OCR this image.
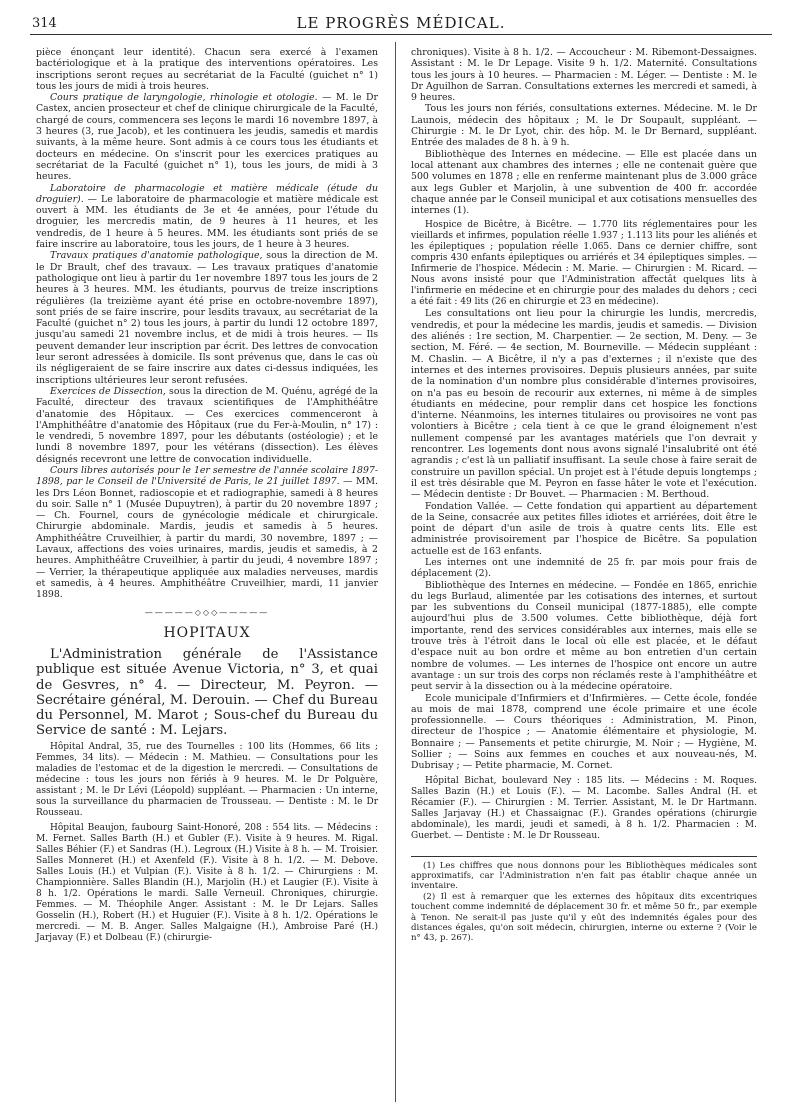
314	LE PROGRÈS MÉDICAL.

pièce énonçant leur identité). Chacun sera exercé à l'examen bactériologique et à la pratique des interventions opératoires. Les inscriptions seront reçues au secrétariat de la Faculté (guichet n° 1) tous les jours de midi à trois heures.

Cours pratique de laryngologie, rhinologie et otologie. — M. le Dr Castex, ancien prosecteur et chef de clinique chirurgicale de la Faculté, chargé de cours, commencera ses leçons le mardi 16 novembre 1897, à 3 heures (3, rue Jacob), et les continuera les jeudis, samedis et mardis suivants, à la même heure. Sont admis à ce cours tous les étudiants et docteurs en médecine. On s'inscrit pour les exercices pratiques au secrétariat de la Faculté (guichet n° 1), tous les jours, de midi à 3 heures.

Laboratoire de pharmacologie et matière médicale (étude du droguier). — Le laboratoire de pharmacologie et matière médicale est ouvert à MM. les étudiants de 3e et 4e années, pour l'étude du droguier, les mercredis matin, de 9 heures à 11 heures, et les vendredis, de 1 heure à 5 heures. MM. les étudiants sont priés de se faire inscrire au laboratoire, tous les jours, de 1 heure à 3 heures.

Travaux pratiques d'anatomie pathologique, sous la direction de M. le Dr Brault, chef des travaux. — Les travaux pratiques d'anatomie pathologique ont lieu à partir du 1er novembre 1897 tous les jours de 2 heures à 3 heures. MM. les étudiants, pourvus de treize inscriptions régulières (la treizième ayant été prise en octobre-novembre 1897), sont priés de se faire inscrire, pour lesdits travaux, au secrétariat de la Faculté (guichet n° 2) tous les jours, à partir du lundi 12 octobre 1897, jusqu'au samedi 21 novembre inclus, et de midi à trois heures. — Ils peuvent demander leur inscription par écrit. Des lettres de convocation leur seront adressées à domicile. Ils sont prévenus que, dans le cas où ils négligeraient de se faire inscrire aux dates ci-dessus indiquées, les inscriptions ultérieures leur seront refusées.

Exercices de Dissection, sous la direction de M. Quénu, agrégé de la Faculté, directeur des travaux scientifiques de l'Amphithéâtre d'anatomie des Hôpitaux. — Ces exercices commenceront à l'Amphithéâtre d'anatomie des Hôpitaux (rue du Fer-à-Moulin, n° 17) : le vendredi, 5 novembre 1897, pour les débutants (ostéologie) ; et le lundi 8 novembre 1897, pour les vétérans (dissection). Les élèves désignés recevront une lettre de convocation individuelle.

Cours libres autorisés pour le 1er semestre de l'année scolaire 1897-1898, par le Conseil de l'Université de Paris, le 21 juillet 1897. — MM. les Drs Léon Bonnet, radioscopie et et radiographie, samedi à 8 heures du soir. Salle n° 1 (Musée Dupuytren), à partir du 20 novembre 1897 ; — Ch. Fournel, cours de gynécologie médicale et chirurgicale. Chirurgie abdominale. Mardis, jeudis et samedis à 5 heures. Amphithéâtre Cruveilhier, à partir du mardi, 30 novembre, 1897 ; — Lavaux, affections des voies urinaires, mardis, jeudis et samedis, à 2 heures. Amphithéâtre Cruveilhier, à partir du jeudi, 4 novembre 1897 ; — Verrier, la thérapeutique appliquée aux maladies nerveuses, mardis et samedis, à 4 heures. Amphithéâtre Cruveilhier, mardi, 11 janvier 1898.

—————◇◇◇—————
HOPITAUX

L'Administration générale de l'Assistance publique est située Avenue Victoria, n° 3, et quai de Gesvres, n° 4. — Directeur, M. Peyron. — Secrétaire général, M. Derouin. — Chef du Bureau du Personnel, M. Marot ; Sous-chef du Bureau du Service de santé : M. Lejars.

Hôpital Andral, 35, rue des Tournelles : 100 lits (Hommes, 66 lits ; Femmes, 34 lits). — Médecin : M. Mathieu. — Consultations pour les maladies de l'estomac et de la digestion le mercredi. — Consultations de médecine : tous les jours non fériés à 9 heures. M. le Dr Polguère, assistant ; M. le Dr Lévi (Léopold) suppléant. — Pharmacien : Un interne, sous la surveillance du pharmacien de Trousseau. — Dentiste : M. le Dr Rousseau.

Hôpital Beaujon, faubourg Saint-Honoré, 208 : 554 lits. — Médecins : M. Fernet. Salles Barth (H.) et Gubler (F.). Visite à 9 heures. M. Rigal. Salles Béhier (F.) et Sandras (H.). Legroux (H.) Visite à 8 h. — M. Troisier. Salles Monneret (H.) et Axenfeld (F.). Visite à 8 h. 1/2. — M. Debove. Salles Louis (H.) et Vulpian (F.). Visite à 8 h. 1/2. — Chirurgiens : M. Championnière. Salles Blandin (H.), Marjolin (H.) et Laugier (F.). Visite à 8 h. 1/2. Opérations le mardi. Salle Verneuil. Chroniques, chirurgie. Femmes. — M. Théophile Anger. Assistant : M. le Dr Lejars. Salles Gosselin (H.), Robert (H.) et Huguier (F.). Visite à 8 h. 1/2. Opérations le mercredi. — M. B. Anger. Salles Malgaigne (H.), Ambroise Paré (H.) Jarjavay (F.) et Dolbeau (F.) (chirurgie-

chroniques). Visite à 8 h. 1/2. — Accoucheur : M. Ribemont-Dessaignes. Assistant : M. le Dr Lepage. Visite 9 h. 1/2. Maternité. Consultations tous les jours à 10 heures. — Pharmacien : M. Léger. — Dentiste : M. le Dr Aguilhon de Sarran. Consultations externes les mercredi et samedi, à 9 heures.

Tous les jours non fériés, consultations externes. Médecine. M. le Dr Launois, médecin des hôpitaux ; M. le Dr Soupault, suppléant. — Chirurgie : M. le Dr Lyot, chir. des hôp. M. le Dr Bernard, suppléant. Entrée des malades de 8 h. à 9 h.

Bibliothèque des Internes en médecine. — Elle est placée dans un local attenant aux chambres des internes ; elle ne contenait guère que 500 volumes en 1878 ; elle en renferme maintenant plus de 3.000 grâce aux legs Gubler et Marjolin, à une subvention de 400 fr. accordée chaque année par le Conseil municipal et aux cotisations mensuelles des internes (1).

Hospice de Bicêtre, à Bicêtre. — 1.770 lits réglementaires pour les vieillards et infirmes, population réelle 1.937 ; 1.113 lits pour les aliénés et les épileptiques ; population réelle 1.065. Dans ce dernier chiffre, sont compris 430 enfants épileptiques ou arriérés et 34 épileptiques simples. — Infirmerie de l'hospice. Médecin : M. Marie. — Chirurgien : M. Ricard. — Nous avons insisté pour que l'Administration affectât quelques lits à l'infirmerie en médecine et en chirurgie pour des malades du dehors ; ceci a été fait : 49 lits (26 en chirurgie et 23 en médecine).

Les consultations ont lieu pour la chirurgie les lundis, mercredis, vendredis, et pour la médecine les mardis, jeudis et samedis. — Division des aliénés : 1re section, M. Charpentier. — 2e section, M. Deny. — 3e section, M. Féré. — 4e section, M. Bourneville. — Médecin suppléant : M. Chaslin. — A Bicêtre, il n'y a pas d'externes ; il n'existe que des internes et des internes provisoires. Depuis plusieurs années, par suite de la nomination d'un nombre plus considérable d'internes provisoires, on n'a pas eu besoin de recourir aux externes, ni même à de simples étudiants en médecine, pour remplir dans cet hospice les fonctions d'interne. Néanmoins, les internes titulaires ou provisoires ne vont pas volontiers à Bicêtre ; cela tient à ce que le grand éloignement n'est nullement compensé par les avantages matériels que l'on devrait y rencontrer. Les logements dont nous avons signalé l'insalubrité ont été agrandis ; c'est là un palliatif insuffisant. La seule chose à faire serait de construire un pavillon spécial. Un projet est à l'étude depuis longtemps ; il est très désirable que M. Peyron en fasse hâter le vote et l'exécution. — Médecin dentiste : Dr Bouvet. — Pharmacien : M. Berthoud.

Fondation Vallée. — Cette fondation qui appartient au département de la Seine, consacrée aux petites filles idiotes et arriérées, doit être le point de départ d'un asile de trois à quatre cents lits. Elle est administrée provisoirement par l'hospice de Bicêtre. Sa population actuelle est de 163 enfants.

Les internes ont une indemnité de 25 fr. par mois pour frais de déplacement (2).

Bibliothèque des Internes en médecine. — Fondée en 1865, enrichie du legs Burlaud, alimentée par les cotisations des internes, et surtout par les subventions du Conseil municipal (1877-1885), elle compte aujourd'hui plus de 3.500 volumes. Cette bibliothèque, déjà fort importante, rend des services considérables aux internes, mais elle se trouve très à l'étroit dans le local où elle est placée, et le défaut d'espace nuit au bon ordre et même au bon entretien d'un certain nombre de volumes. — Les internes de l'hospice ont encore un autre avantage : un sur trois des corps non réclamés reste à l'amphithéâtre et peut servir à la dissection ou à la médecine opératoire.

Ecole municipale d'Infirmiers et d'Infirmières. — Cette école, fondée au mois de mai 1878, comprend une école primaire et une école professionnelle. — Cours théoriques : Administration, M. Pinon, directeur de l'hospice ; — Anatomie élémentaire et physiologie, M. Bonnaire ; — Pansements et petite chirurgie, M. Noir ; — Hygiène, M. Sollier ; — Soins aux femmes en couches et aux nouveau-nés, M. Dubrisay ; — Petite pharmacie, M. Cornet.

Hôpital Bichat, boulevard Ney : 185 lits. — Médecins : M. Roques. Salles Bazin (H.) et Louis (F.). — M. Lacombe. Salles Andral (H. et Récamier (F.). — Chirurgien : M. Terrier. Assistant, M. le Dr Hartmann. Salles Jarjavay (H.) et Chassaignac (F.). Grandes opérations (chirurgie abdominale), les mardi, jeudi et samedi, à 8 h. 1/2. Pharmacien : M. Guerbet. — Dentiste : M. le Dr Rousseau.

(1) Les chiffres que nous donnons pour les Bibliothèques médicales sont approximatifs, car l'Administration n'en fait pas établir chaque année un inventaire.

(2) Il est à remarquer que les externes des hôpitaux dits excentriques touchent comme indemnité de déplacement 30 fr. et même 50 fr., par exemple à Tenon. Ne serait-il pas juste qu'il y eût des indemnités égales pour des distances égales, qu'on soit médecin, chirurgien, interne ou externe ? (Voir le n° 43, p. 267).
